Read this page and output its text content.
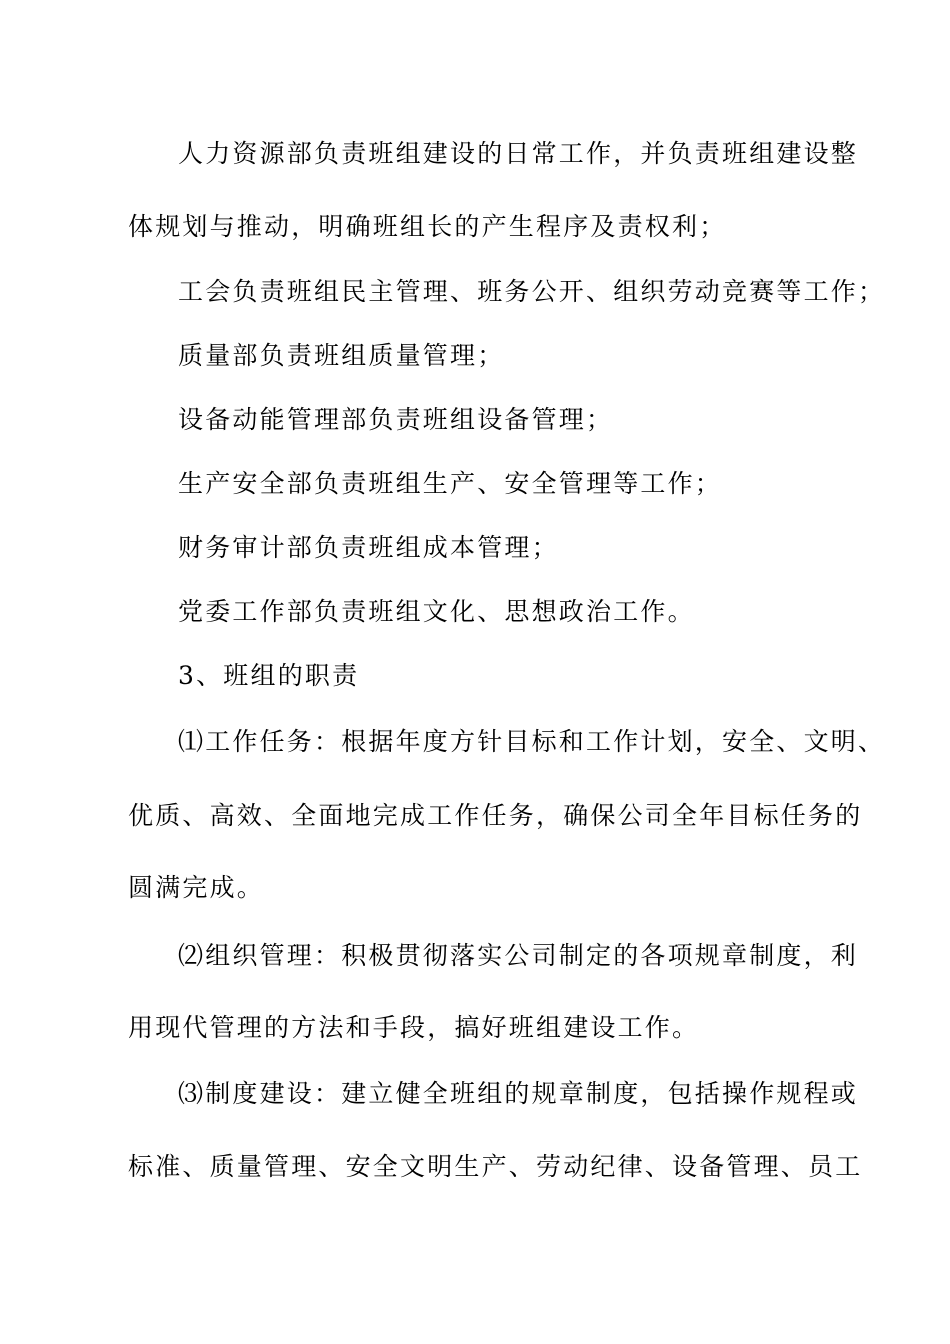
人力资源部负责班组建设的日常工作，并负责班组建设整
体规划与推动，明确班组长的产生程序及责权利；
工会负责班组民主管理、班务公开、组织劳动竞赛等工作；
质量部负责班组质量管理；
设备动能管理部负责班组设备管理；
生产安全部负责班组生产、安全管理等工作；
财务审计部负责班组成本管理；
党委工作部负责班组文化、思想政治工作。
3、班组的职责
⑴工作任务：根据年度方针目标和工作计划，安全、文明、
优质、高效、全面地完成工作任务，确保公司全年目标任务的
圆满完成。
⑵组织管理：积极贯彻落实公司制定的各项规章制度，利
用现代管理的方法和手段，搞好班组建设工作。
⑶制度建设：建立健全班组的规章制度，包括操作规程或
标准、质量管理、安全文明生产、劳动纪律、设备管理、员工
